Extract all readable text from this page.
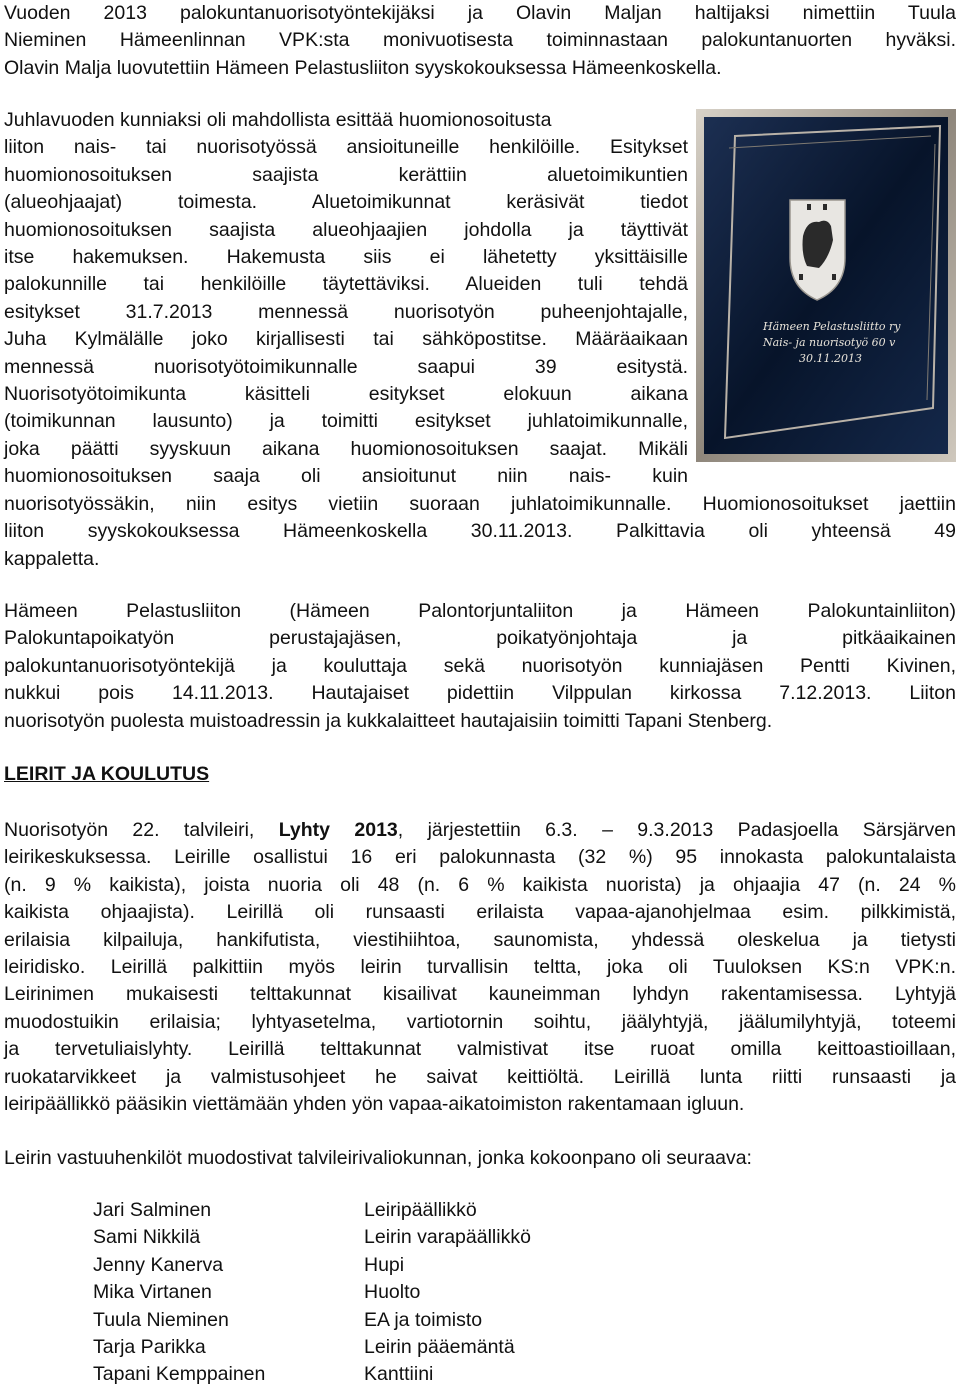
Vuoden 2013 palokuntanuorisotyöntekijäksi ja Olavin Maljan haltijaksi nimettiin Tuula
Nieminen Hämeenlinnan VPK:sta monivuotisesta toiminnastaan palokuntanuorten hyväksi.
Olavin Malja luovutettiin Hämeen Pelastusliiton syyskokouksessa Hämeenkoskella.

Juhlavuoden kunniaksi oli mahdollista esittää huomionosoitusta
liiton nais- tai nuorisotyössä ansioituneille henkilöille. Esitykset
huomionosoituksen saajista kerättiin aluetoimikuntien
(alueohjaajat) toimesta. Aluetoimikunnat keräsivät tiedot
huomionosoituksen saajista alueohjaajien johdolla ja täyttivät
itse hakemuksen. Hakemusta siis ei lähetetty yksittäisille
palokunnille tai henkilöille täytettäviksi. Alueiden tuli tehdä
esitykset 31.7.2013 mennessä nuorisotyön puheenjohtajalle,
Juha Kylmälälle joko kirjallisesti tai sähköpostitse. Määräaikaan
mennessä nuorisotyötoimikunnalle saapui 39 esitystä.
Nuorisotyötoimikunta käsitteli esitykset elokuun aikana
(toimikunnan lausunto) ja toimitti esitykset juhlatoimikunnalle,
joka päätti syyskuun aikana huomionosoituksen saajat. Mikäli
huomionosoituksen saaja oli ansioitunut niin nais- kuin

nuorisotyössäkin, niin esitys vietiin suoraan juhlatoimikunnalle. Huomionosoitukset jaettiin
liiton syyskokouksessa Hämeenkoskella 30.11.2013. Palkittavia oli yhteensä 49
kappaletta.

Hämeen Pelastusliitto ry
Nais- ja nuorisotyö 60 v
30.11.2013

Hämeen Pelastusliiton (Hämeen Palontorjuntaliiton ja Hämeen Palokuntainliiton)
Palokuntapoikatyön perustajajäsen, poikatyönjohtaja ja pitkäaikainen
palokuntanuorisotyöntekijä ja kouluttaja sekä nuorisotyön kunniajäsen Pentti Kivinen,
nukkui pois 14.11.2013. Hautajaiset pidettiin Vilppulan kirkossa 7.12.2013. Liiton
nuorisotyön puolesta muistoadressin ja kukkalaitteet hautajaisiin toimitti Tapani Stenberg.

LEIRIT JA KOULUTUS

Nuorisotyön 22. talvileiri, Lyhty 2013, järjestettiin 6.3. – 9.3.2013 Padasjoella Särsjärven
leirikeskuksessa. Leirille osallistui 16 eri palokunnasta (32 %) 95 innokasta palokuntalaista
(n. 9 % kaikista), joista nuoria oli 48 (n. 6 % kaikista nuorista) ja ohjaajia 47 (n. 24 %
kaikista ohjaajista). Leirillä oli runsaasti erilaista vapaa-ajanohjelmaa esim. pilkkimistä,
erilaisia kilpailuja, hankifutista, viestihiihtoa, saunomista, yhdessä oleskelua ja tietysti
leiridisko. Leirillä palkittiin myös leirin turvallisin teltta, joka oli Tuuloksen KS:n VPK:n.
Leirinimen mukaisesti telttakunnat kisailivat kauneimman lyhdyn rakentamisessa. Lyhtyjä
muodostuikin erilaisia; lyhtyasetelma, vartiotornin soihtu, jäälyhtyjä, jäälumilyhtyjä, toteemi
ja tervetuliaislyhty. Leirillä telttakunnat valmistivat itse ruoat omilla keittoastioillaan,
ruokatarvikkeet ja valmistusohjeet he saivat keittiöltä. Leirillä lunta riitti runsaasti ja
leiripäällikkö pääsikin viettämään yhden yön vapaa-aikatoimiston rakentamaan igluun.

Leirin vastuuhenkilöt muodostivat talvileirivaliokunnan, jonka kokoonpano oli seuraava:

Jari Salminen	Leiripäällikkö
Sami Nikkilä	Leirin varapäällikkö
Jenny Kanerva	Hupi
Mika Virtanen	Huolto
Tuula Nieminen	EA ja toimisto
Tarja Parikka	Leirin pääemäntä
Tapani Kemppainen	Kanttiini
